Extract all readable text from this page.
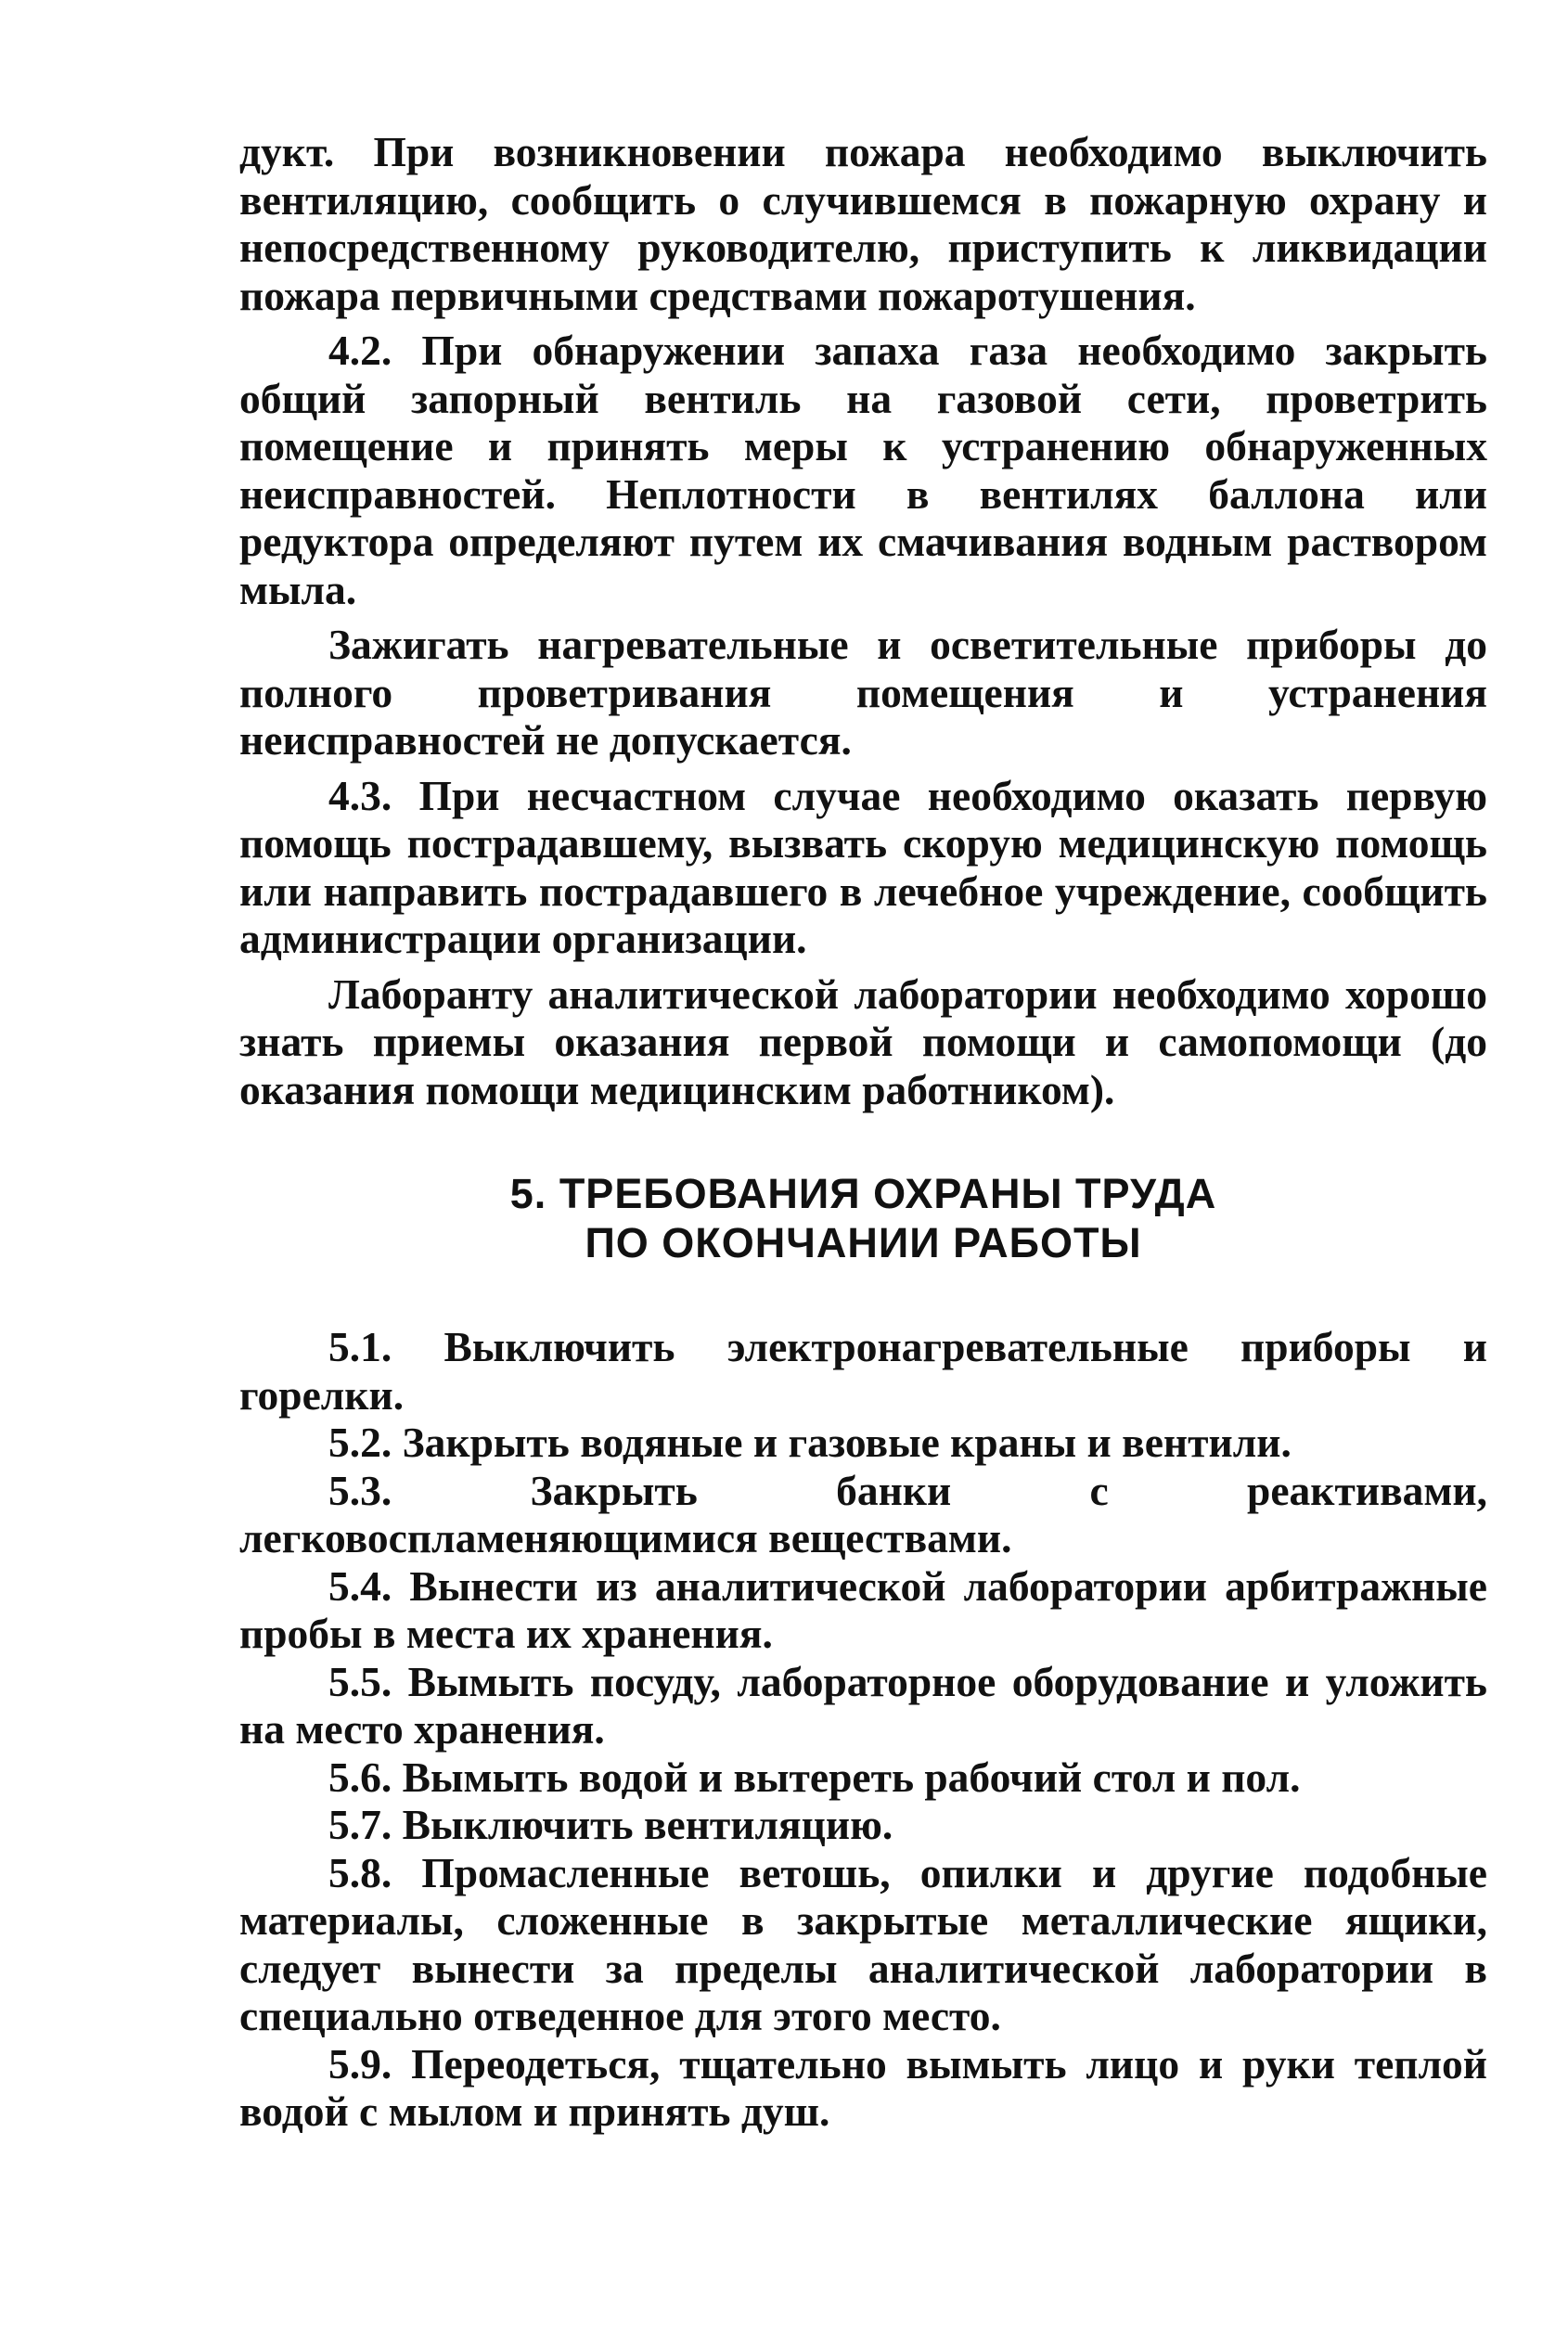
дукт. При возникновении пожара необходимо выключить вентиляцию, сообщить о случившемся в пожарную охрану и непосредственному руководителю, приступить к ликвидации пожара первичными средствами пожаротушения.

4.2. При обнаружении запаха газа необходимо закрыть общий запорный вентиль на газовой сети, проветрить помещение и принять меры к устранению обнаруженных неисправностей. Неплотности в вентилях баллона или редуктора определяют путем их смачивания водным раствором мыла.

Зажигать нагревательные и осветительные приборы до полного проветривания помещения и устранения неисправностей не допускается.

4.3. При несчастном случае необходимо оказать первую помощь пострадавшему, вызвать скорую медицинскую помощь или направить пострадавшего в лечебное учреждение, сообщить администрации организации.

Лаборанту аналитической лаборатории необходимо хорошо знать приемы оказания первой помощи и самопомощи (до оказания помощи медицинским работником).

5. ТРЕБОВАНИЯ ОХРАНЫ ТРУДА
ПО ОКОНЧАНИИ РАБОТЫ

5.1. Выключить электронагревательные приборы и горелки.

5.2. Закрыть водяные и газовые краны и вентили.

5.3. Закрыть банки с реактивами, легковоспламеняющимися веществами.

5.4. Вынести из аналитической лаборатории арбитражные пробы в места их хранения.

5.5. Вымыть посуду, лабораторное оборудование и уложить на место хранения.

5.6. Вымыть водой и вытереть рабочий стол и пол.

5.7. Выключить вентиляцию.

5.8. Промасленные ветошь, опилки и другие подобные материалы, сложенные в закрытые металлические ящики, следует вынести за пределы аналитической лаборатории в специально отведенное для этого место.

5.9. Переодеться, тщательно вымыть лицо и руки теплой водой с мылом и принять душ.
